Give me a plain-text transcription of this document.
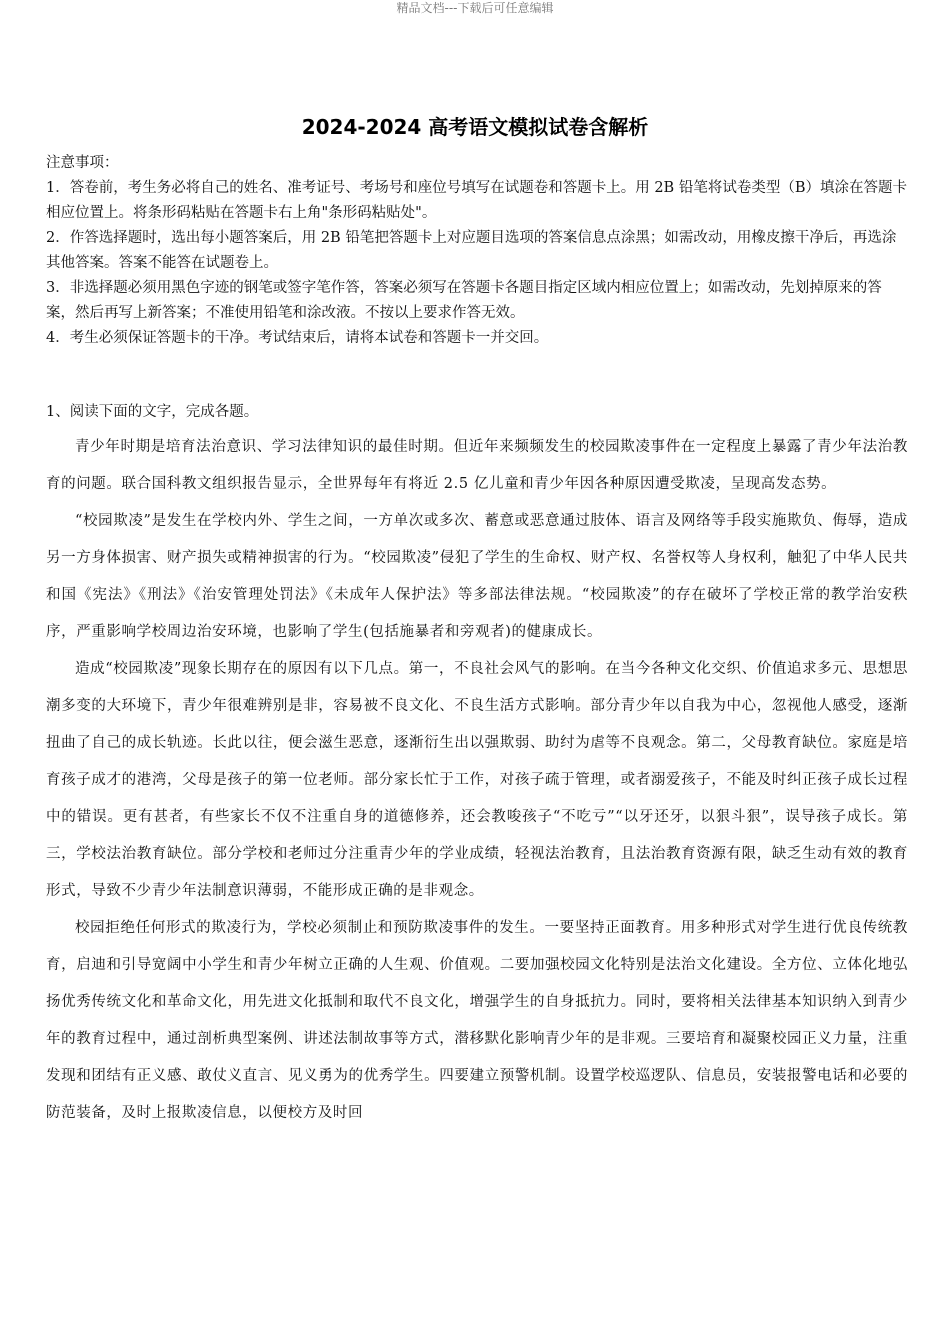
精品文档---下载后可任意编辑
2024-2024 高考语文模拟试卷含解析
注意事项：
1．答卷前，考生务必将自己的姓名、准考证号、考场号和座位号填写在试题卷和答题卡上。用 2B 铅笔将试卷类型（B）填涂在答题卡相应位置上。将条形码粘贴在答题卡右上角"条形码粘贴处"。
2．作答选择题时，选出每小题答案后，用 2B 铅笔把答题卡上对应题目选项的答案信息点涂黑；如需改动，用橡皮擦干净后，再选涂其他答案。答案不能答在试题卷上。
3．非选择题必须用黑色字迹的钢笔或签字笔作答，答案必须写在答题卡各题目指定区域内相应位置上；如需改动，先划掉原来的答案，然后再写上新答案；不准使用铅笔和涂改液。不按以上要求作答无效。
4．考生必须保证答题卡的干净。考试结束后，请将本试卷和答题卡一并交回。
1、阅读下面的文字，完成各题。

青少年时期是培育法治意识、学习法律知识的最佳时期。但近年来频频发生的校园欺凌事件在一定程度上暴露了青少年法治教育的问题。联合国科教文组织报告显示，全世界每年有将近 2.5 亿儿童和青少年因各种原因遭受欺凌，呈现高发态势。

“校园欺凌”是发生在学校内外、学生之间，一方单次或多次、蓄意或恶意通过肢体、语言及网络等手段实施欺负、侮辱，造成另一方身体损害、财产损失或精神损害的行为。“校园欺凌”侵犯了学生的生命权、财产权、名誉权等人身权利，触犯了中华人民共和国《宪法》《刑法》《治安管理处罚法》《未成年人保护法》等多部法律法规。“校园欺凌”的存在破坏了学校正常的教学治安秩序，严重影响学校周边治安环境，也影响了学生(包括施暴者和旁观者)的健康成长。

造成“校园欺凌”现象长期存在的原因有以下几点。第一，不良社会风气的影响。在当今各种文化交织、价值追求多元、思想思潮多变的大环境下，青少年很难辨别是非，容易被不良文化、不良生活方式影响。部分青少年以自我为中心，忽视他人感受，逐渐扭曲了自己的成长轨迹。长此以往，便会滋生恶意，逐渐衍生出以强欺弱、助纣为虐等不良观念。第二，父母教育缺位。家庭是培育孩子成才的港湾，父母是孩子的第一位老师。部分家长忙于工作，对孩子疏于管理，或者溺爱孩子，不能及时纠正孩子成长过程中的错误。更有甚者，有些家长不仅不注重自身的道德修养，还会教唆孩子“不吃亏”“以牙还牙，以狠斗狠”，误导孩子成长。第三，学校法治教育缺位。部分学校和老师过分注重青少年的学业成绩，轻视法治教育，且法治教育资源有限，缺乏生动有效的教育形式，导致不少青少年法制意识薄弱，不能形成正确的是非观念。

校园拒绝任何形式的欺凌行为，学校必须制止和预防欺凌事件的发生。一要坚持正面教育。用多种形式对学生进行优良传统教育，启迪和引导宽阔中小学生和青少年树立正确的人生观、价值观。二要加强校园文化特别是法治文化建设。全方位、立体化地弘扬优秀传统文化和革命文化，用先进文化抵制和取代不良文化，增强学生的自身抵抗力。同时，要将相关法律基本知识纳入到青少年的教育过程中，通过剖析典型案例、讲述法制故事等方式，潜移默化影响青少年的是非观。三要培育和凝聚校园正义力量，注重发现和团结有正义感、敢仗义直言、见义勇为的优秀学生。四要建立预警机制。设置学校巡逻队、信息员，安装报警电话和必要的防范装备，及时上报欺凌信息，以便校方及时回
